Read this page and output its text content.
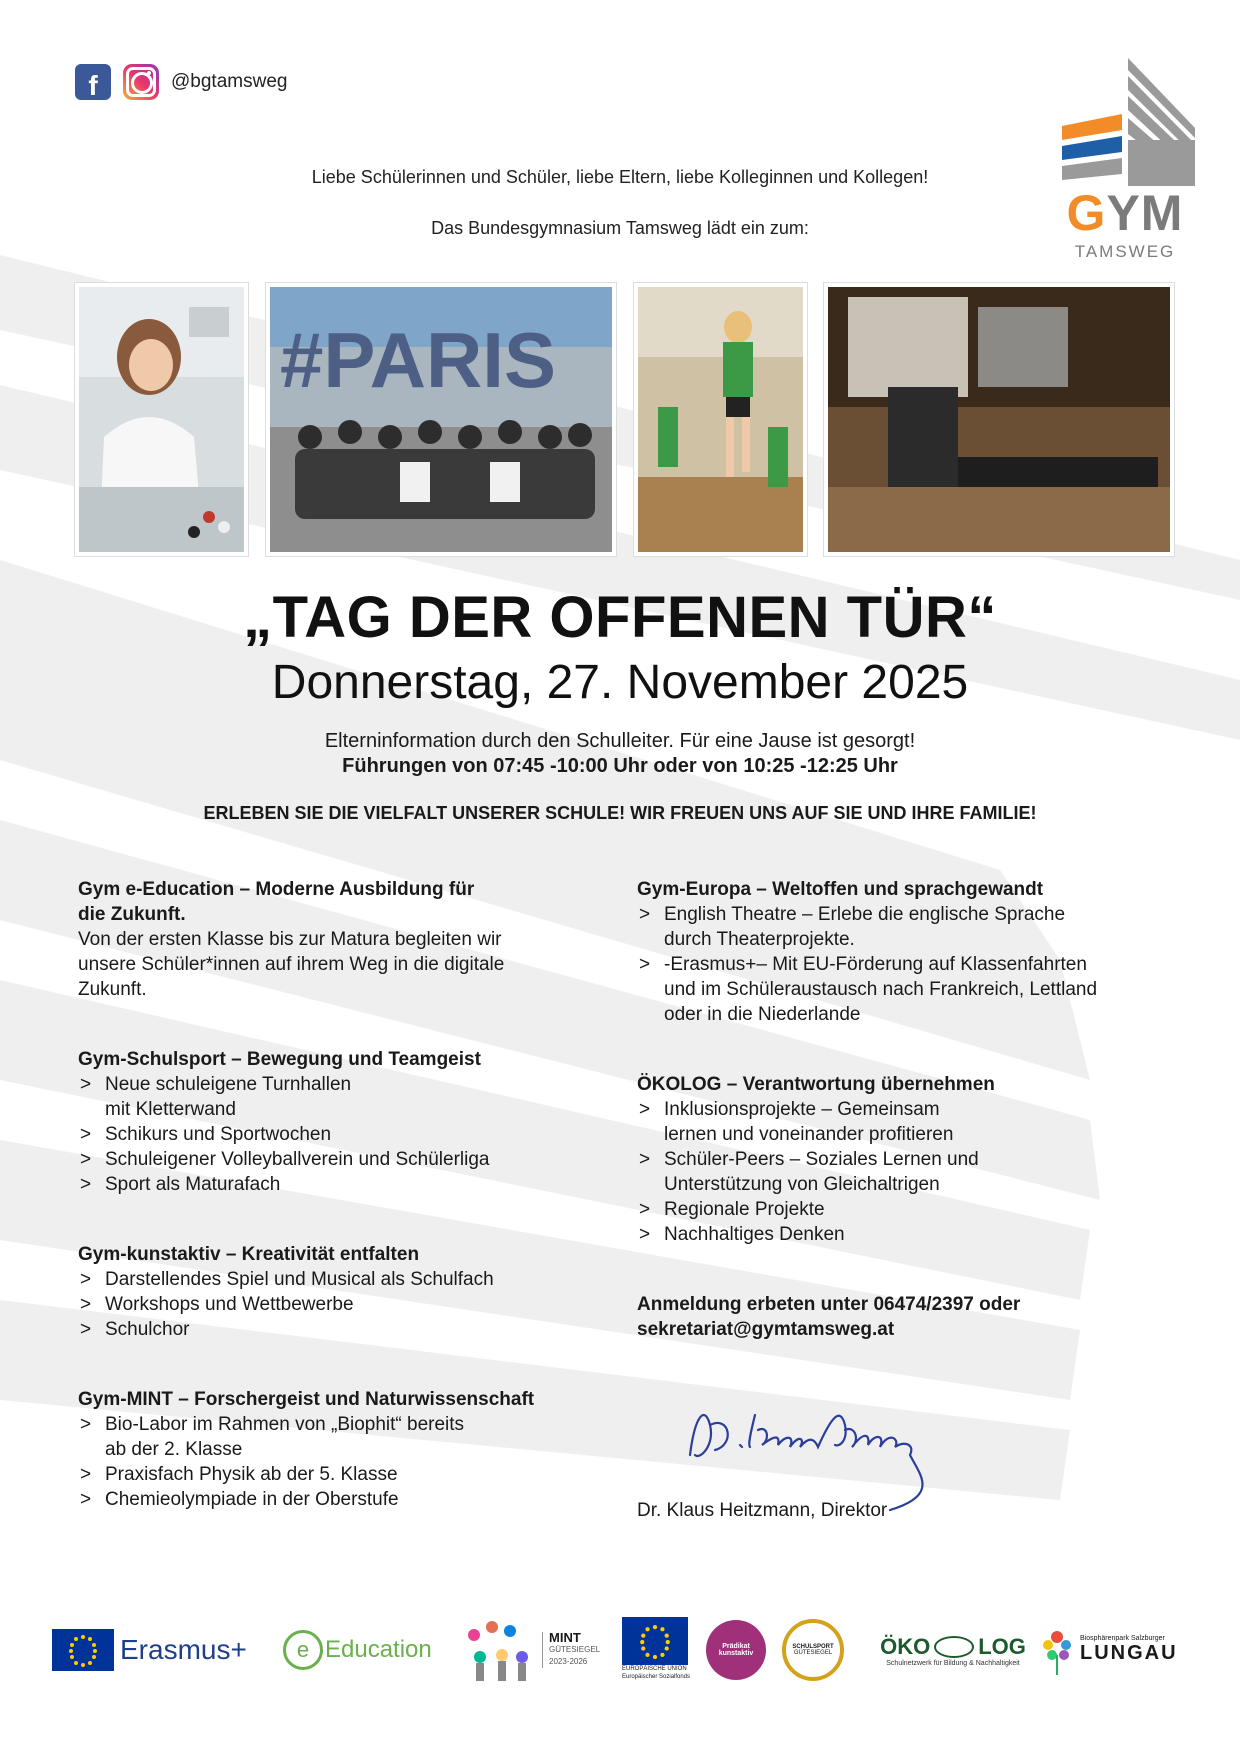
f	@bgtamsweg
GYM
TAMSWEG
Liebe Schülerinnen und Schüler, liebe Eltern, liebe Kolleginnen und Kollegen!
Das Bundesgymnasium Tamsweg lädt ein zum:
#PARIS
„TAG DER OFFENEN TÜR“
Donnerstag, 27. November 2025
Elterninformation durch den Schulleiter. Für eine Jause ist gesorgt!
Führungen von 07:45 -10:00 Uhr oder von 10:25 -12:25 Uhr
ERLEBEN SIE DIE VIELFALT UNSERER SCHULE! WIR FREUEN UNS AUF SIE UND IHRE FAMILIE!
Gym e-Education – Moderne Ausbildung für
die Zukunft.

Von der ersten Klasse bis zur Matura begleiten wir

unsere Schüler*innen auf ihrem Weg in die digitale

Zukunft.

Gym-Schulsport – Bewegung und Teamgeist
> Neue schuleigene Turnhallen
mit Kletterwand
> Schikurs und Sportwochen
> Schuleigener Volleyballverein und Schülerliga
> Sport als Maturafach
Gym-kunstaktiv – Kreativität entfalten
> Darstellendes Spiel und Musical als Schulfach
> Workshops und Wettbewerbe
> Schulchor
Gym-MINT – Forschergeist und Naturwissenschaft
> Bio-Labor im Rahmen von „Biophit“ bereits
ab der 2. Klasse
> Praxisfach Physik ab der 5. Klasse
> Chemieolympiade in der Oberstufe
Gym-Europa – Weltoffen und sprachgewandt
> English Theatre – Erlebe die englische Sprache
durch Theaterprojekte.
> -Erasmus+– Mit EU-Förderung auf Klassenfahrten
und im Schüleraustausch nach Frankreich, Lettland
oder in die Niederlande
ÖKOLOG – Verantwortung übernehmen
> Inklusionsprojekte – Gemeinsam
lernen und voneinander profitieren
> Schüler-Peers – Soziales Lernen und
Unterstützung von Gleichaltrigen
> Regionale Projekte
> Nachhaltiges Denken
Anmeldung erbeten unter 06474/2397 oder
sekretariat@gymtamsweg.at
Dr. Klaus Heitzmann, Direktor
Erasmus+	e Education	MINT
GÜTESIEGEL
2023-2026
EUROPÄISCHE UNION
Europäischer Sozialfonds
Prädikat kunstaktiv
SCHULSPORT
GÜTESIEGEL ÖKO LOG
Schulnetzwerk für Bildung & Nachhaltigkeit
Biosphärenpark Salzburger
LUNGAU
